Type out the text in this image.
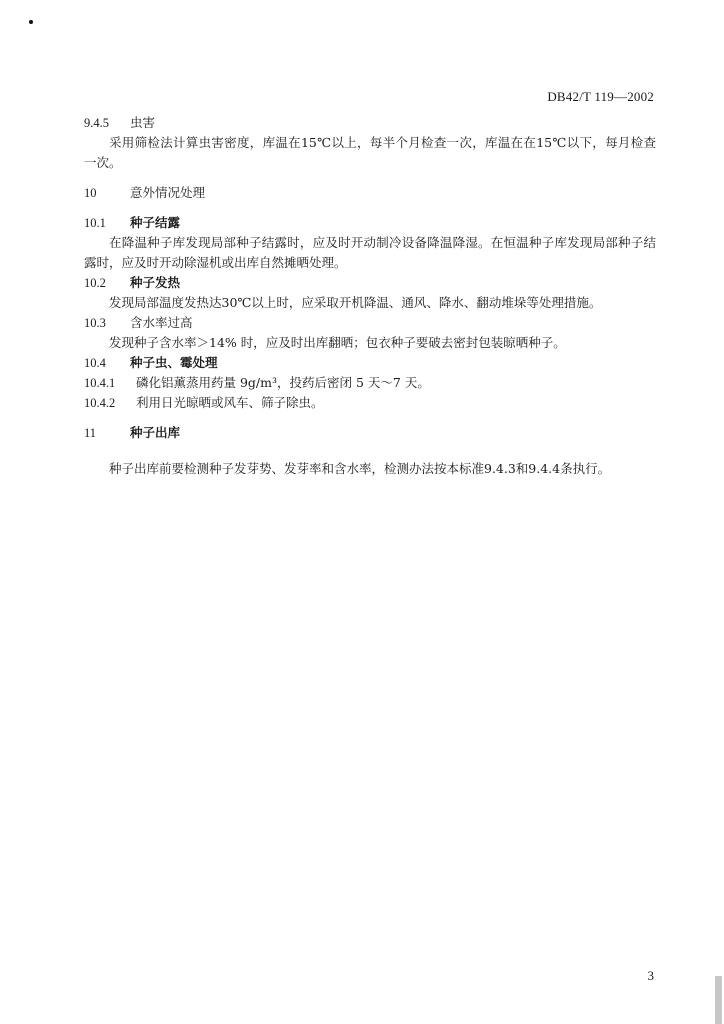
DB42/T 119—2002
9.4.5	虫害

采用筛检法计算虫害密度，库温在15℃以上，每半个月检查一次，库温在在15℃以下，每月检查一次。

10	意外情况处理
10.1	种子结露

在降温种子库发现局部种子结露时，应及时开动制冷设备降温降湿。在恒温种子库发现局部种子结露时，应及时开动除湿机或出库自然摊晒处理。

10.2	种子发热

发现局部温度发热达30℃以上时，应采取开机降温、通风、降水、翻动堆垛等处理措施。

10.3	含水率过高

发现种子含水率＞14% 时，应及时出库翻晒；包衣种子要破去密封包装晾晒种子。

10.4	种子虫、霉处理
10.4.1	磷化铝薰蒸用药量 9g/m³，投药后密闭 5 天～7 天。
10.4.2	利用日光晾晒或风车、筛子除虫。
11	种子出库

种子出库前要检测种子发芽势、发芽率和含水率，检测办法按本标准9.4.3和9.4.4条执行。

3
